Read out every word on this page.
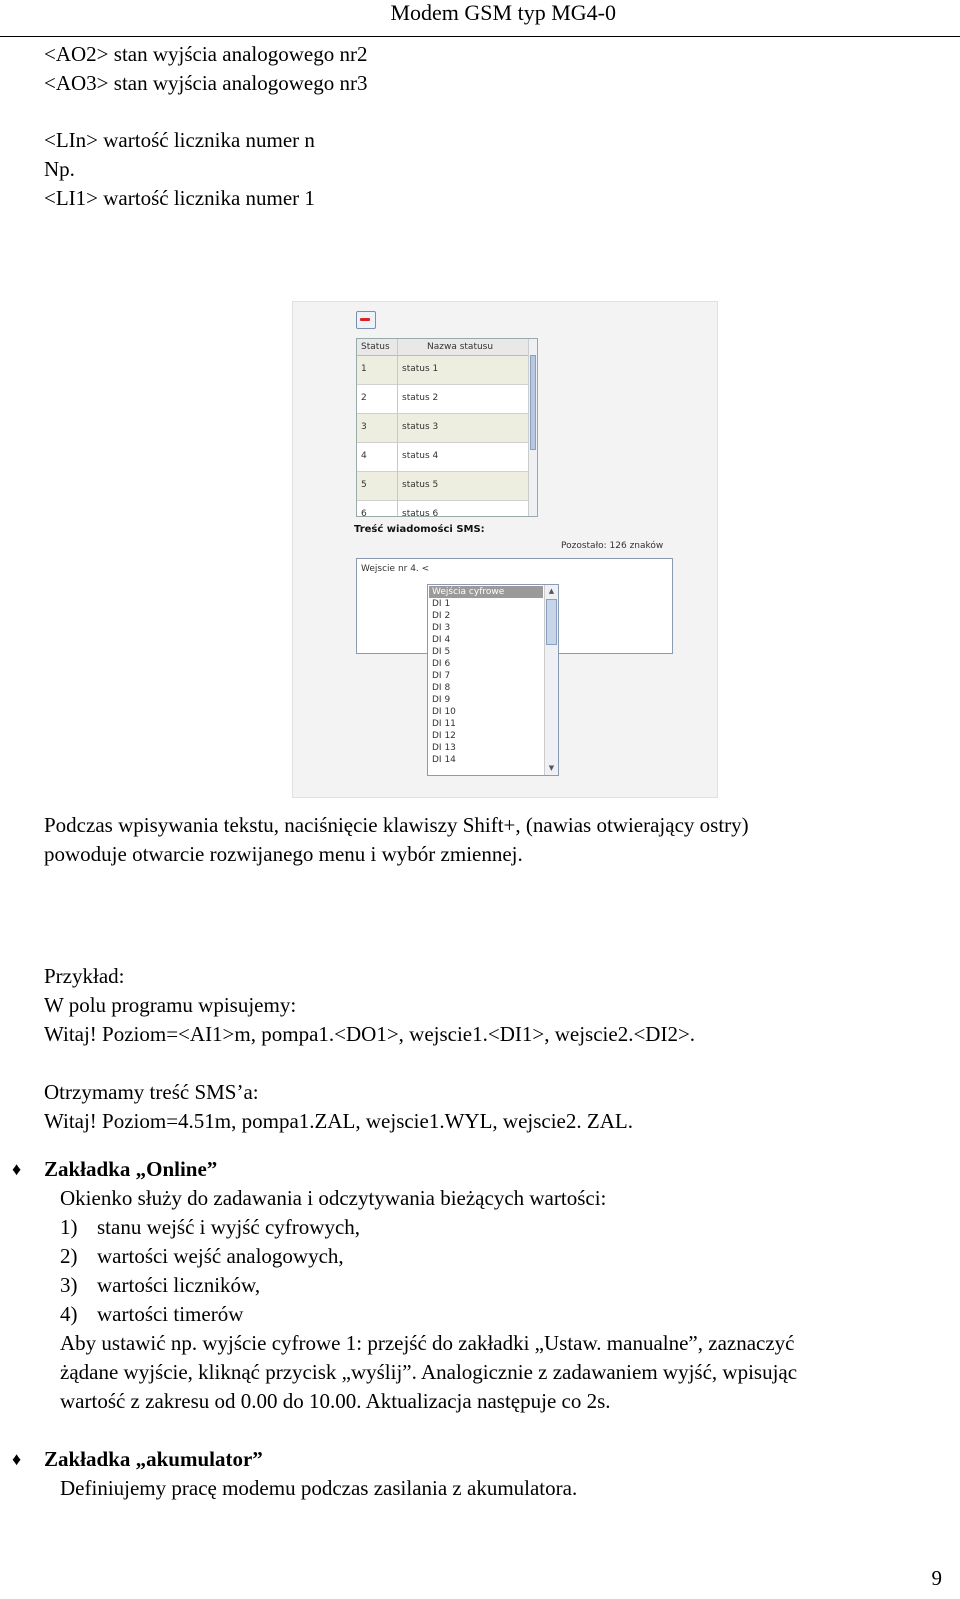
Modem GSM typ MG4-0
<AO2> stan wyjścia analogowego nr2
<AO3> stan wyjścia analogowego nr3
<LIn> wartość licznika numer n
Np.
<LI1> wartość licznika numer 1
Status	Nazwa statusu
1	status 1
2	status 2
3	status 3
4	status 4
5	status 5
6	status 6
Treść wiadomości SMS:
Pozostało: 126 znaków
Wejscie nr 4. <
Wejścia cyfrowe
DI 1
DI 2
DI 3
DI 4
DI 5
DI 6
DI 7
DI 8
DI 9
DI 10
DI 11
DI 12
DI 13
DI 14
▲
▼
Podczas wpisywania tekstu, naciśnięcie klawiszy Shift+, (nawias otwierający ostry)
powoduje otwarcie rozwijanego menu i wybór zmiennej.
Przykład:
W polu programu wpisujemy:
Witaj! Poziom=<AI1>m, pompa1.<DO1>, wejscie1.<DI1>, wejscie2.<DI2>.
Otrzymamy treść SMS’a:
Witaj! Poziom=4.51m, pompa1.ZAL, wejscie1.WYL, wejscie2. ZAL.
♦ Zakładka „Online”
Okienko służy do zadawania i odczytywania bieżących wartości:
1) stanu wejść i wyjść cyfrowych,
2) wartości wejść analogowych,
3) wartości liczników,
4) wartości timerów
Aby ustawić np. wyjście cyfrowe 1: przejść do zakładki „Ustaw. manualne”, zaznaczyć
żądane wyjście, kliknąć przycisk „wyślij”. Analogicznie z zadawaniem wyjść, wpisując
wartość z zakresu od 0.00 do 10.00. Aktualizacja następuje co 2s.
♦ Zakładka „akumulator”
Definiujemy pracę modemu podczas zasilania z akumulatora.
9
